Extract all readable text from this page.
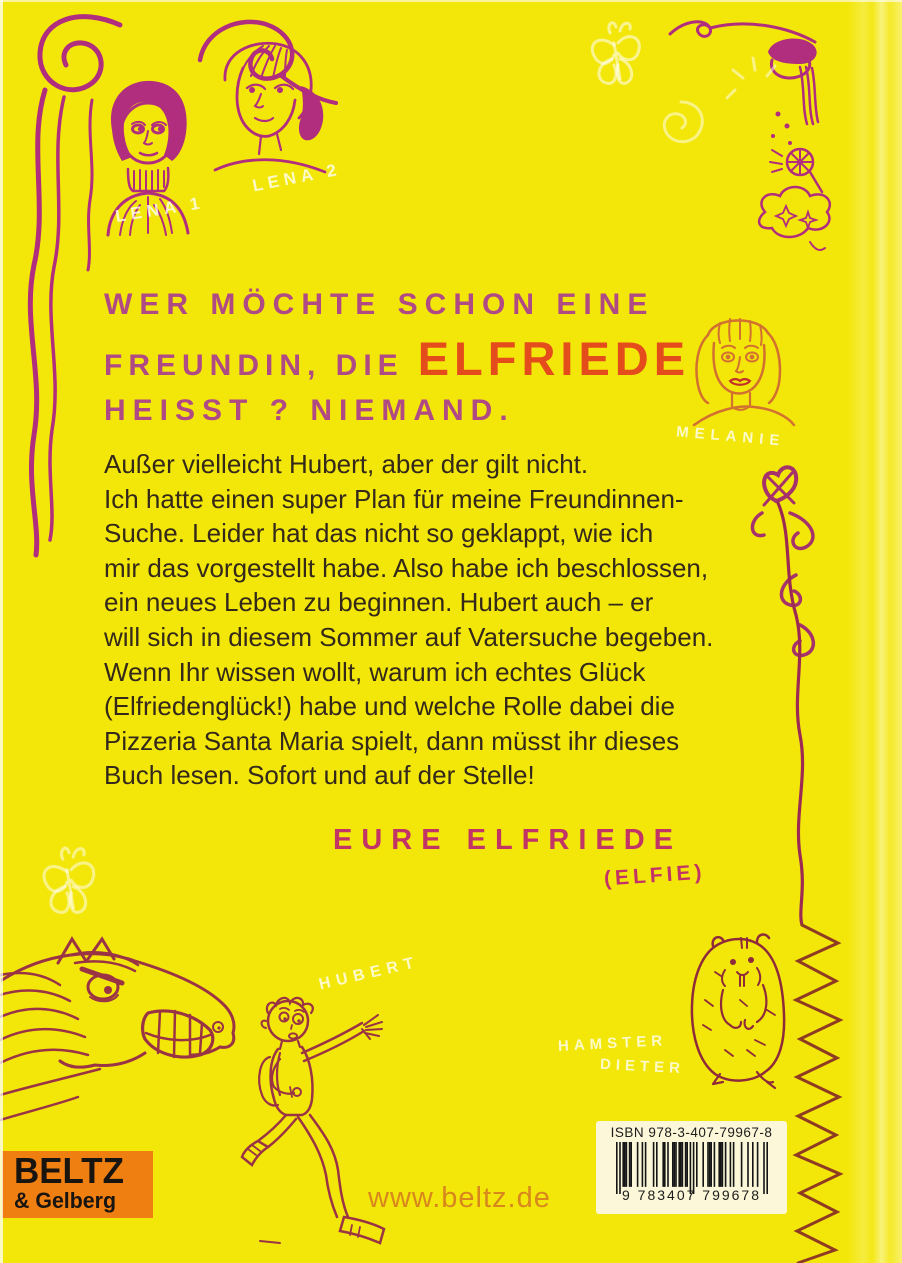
WER MÖCHTE SCHON EINE
FREUNDIN, DIE ELFRIEDE
HEISST ? NIEMAND.
Außer vielleicht Hubert, aber der gilt nicht.
Ich hatte einen super Plan für meine Freundinnen-
Suche. Leider hat das nicht so geklappt, wie ich
mir das vorgestellt habe. Also habe ich beschlossen,
ein neues Leben zu beginnen. Hubert auch – er
will sich in diesem Sommer auf Vatersuche begeben.
Wenn Ihr wissen wollt, warum ich echtes Glück
(Elfriedenglück!) habe und welche Rolle dabei die
Pizzeria Santa Maria spielt, dann müsst ihr dieses
Buch lesen. Sofort und auf der Stelle!
EURE ELFRIEDE
(ELFIE)
LENA 1
LENA 2
MELANIE
HUBERT
HAMSTER
DIETER
BELTZ
& Gelberg	www.beltz.de
ISBN 978-3-407-79967-8
9 783407 799678
